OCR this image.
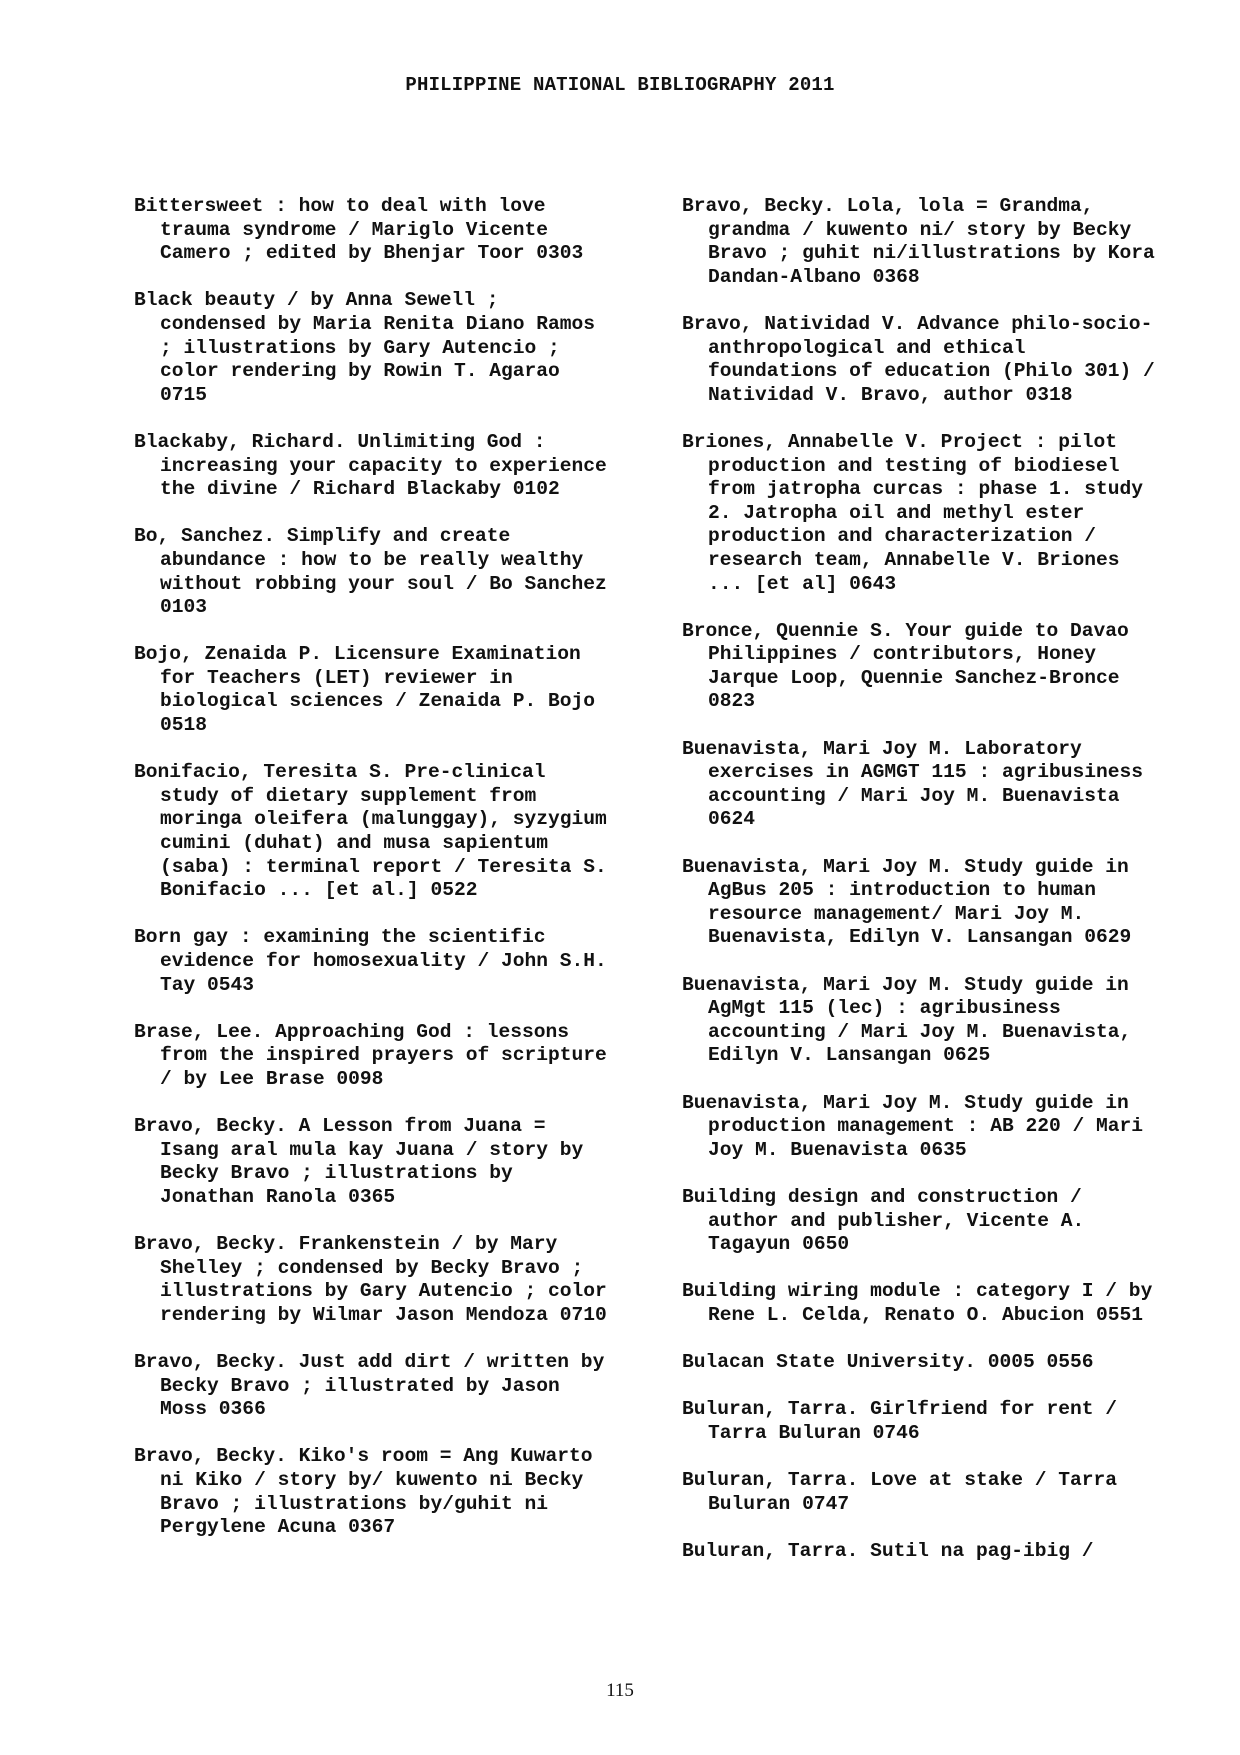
PHILIPPINE NATIONAL BIBLIOGRAPHY 2011

Bittersweet : how to deal with love
trauma syndrome / Mariglo Vicente
Camero ; edited by Bhenjar Toor 0303

Black beauty / by Anna Sewell ;
condensed by Maria Renita Diano Ramos
; illustrations by Gary Autencio ;
color rendering by Rowin T. Agarao
0715

Blackaby, Richard. Unlimiting God :
increasing your capacity to experience
the divine / Richard Blackaby 0102

Bo, Sanchez. Simplify and create
abundance : how to be really wealthy
without robbing your soul / Bo Sanchez
0103

Bojo, Zenaida P. Licensure Examination
for Teachers (LET) reviewer in
biological sciences / Zenaida P. Bojo
0518

Bonifacio, Teresita S. Pre-clinical
study of dietary supplement from
moringa oleifera (malunggay), syzygium
cumini (duhat) and musa sapientum
(saba) : terminal report / Teresita S.
Bonifacio ... [et al.] 0522

Born gay : examining the scientific
evidence for homosexuality / John S.H.
Tay 0543

Brase, Lee. Approaching God : lessons
from the inspired prayers of scripture
/ by Lee Brase 0098

Bravo, Becky. A Lesson from Juana =
Isang aral mula kay Juana / story by
Becky Bravo ; illustrations by
Jonathan Ranola 0365

Bravo, Becky. Frankenstein / by Mary
Shelley ; condensed by Becky Bravo ;
illustrations by Gary Autencio ; color
rendering by Wilmar Jason Mendoza 0710

Bravo, Becky. Just add dirt / written by
Becky Bravo ; illustrated by Jason
Moss 0366

Bravo, Becky. Kiko's room = Ang Kuwarto
ni Kiko / story by/ kuwento ni Becky
Bravo ; illustrations by/guhit ni
Pergylene Acuna 0367

Bravo, Becky. Lola, lola = Grandma,
grandma / kuwento ni/ story by Becky
Bravo ; guhit ni/illustrations by Kora
Dandan-Albano 0368

Bravo, Natividad V. Advance philo-socio-
anthropological and ethical
foundations of education (Philo 301) /
Natividad V. Bravo, author 0318

Briones, Annabelle V. Project : pilot
production and testing of biodiesel
from jatropha curcas : phase 1. study
2. Jatropha oil and methyl ester
production and characterization /
research team, Annabelle V. Briones
... [et al] 0643

Bronce, Quennie S. Your guide to Davao
Philippines / contributors, Honey
Jarque Loop, Quennie Sanchez-Bronce
0823

Buenavista, Mari Joy M. Laboratory
exercises in AGMGT 115 : agribusiness
accounting / Mari Joy M. Buenavista
0624

Buenavista, Mari Joy M. Study guide in
AgBus 205 : introduction to human
resource management/ Mari Joy M.
Buenavista, Edilyn V. Lansangan 0629

Buenavista, Mari Joy M. Study guide in
AgMgt 115 (lec) : agribusiness
accounting / Mari Joy M. Buenavista,
Edilyn V. Lansangan 0625

Buenavista, Mari Joy M. Study guide in
production management : AB 220 / Mari
Joy M. Buenavista 0635

Building design and construction /
author and publisher, Vicente A.
Tagayun 0650

Building wiring module : category I / by
Rene L. Celda, Renato O. Abucion 0551

Bulacan State University. 0005 0556

Buluran, Tarra. Girlfriend for rent /
Tarra Buluran 0746

Buluran, Tarra. Love at stake / Tarra
Buluran 0747

Buluran, Tarra. Sutil na pag-ibig /

115
